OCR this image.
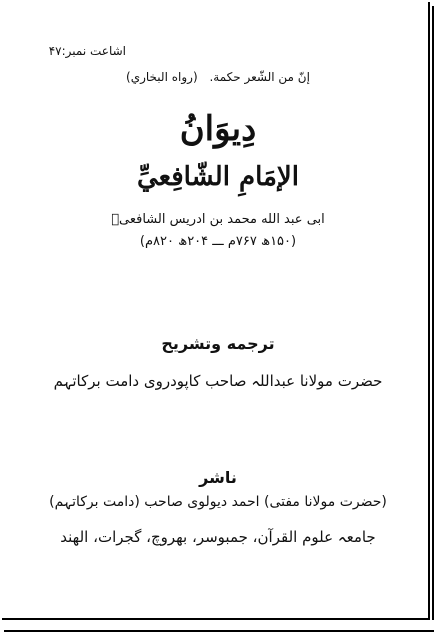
اشاعت نمبر:۴۷
إنّ من الشّعر حكمة. (رواه البخاري)
دِيوَانُ
الإمَامِ الشّافِعيِّ
ابی عبد الله محمد بن ادریس الشافعیؒ
(۱۵۰ھ ۷۶۷م ـــ ۲۰۴ھ ۸۲۰م)
ترجمه وتشريح
حضرت مولانا عبداللہ صاحب کاپودروی دامت برکاتہم
ناشر
(حضرت مولانا مفتی) احمد دیولوی صاحب (دامت برکاتہم)
جامعہ علوم القرآن، جمبوسر، بھروچ، گجرات، الھند
